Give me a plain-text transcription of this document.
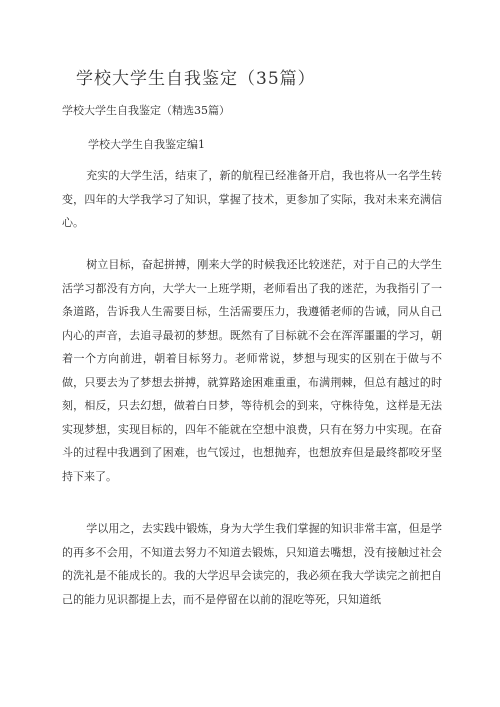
学校大学生自我鉴定（35篇）
学校大学生自我鉴定（精选35篇）
学校大学生自我鉴定编1

充实的大学生活，结束了，新的航程已经准备开启，我也将从一名学生转变，四年的大学我学习了知识，掌握了技术，更参加了实际，我对未来充满信心。

树立目标，奋起拼搏，刚来大学的时候我还比较迷茫，对于自己的大学生活学习都没有方向，大学大一上班学期，老师看出了我的迷茫，为我指引了一条道路，告诉我人生需要目标，生活需要压力，我遵循老师的告诫，同从自己内心的声音，去追寻最初的梦想。既然有了目标就不会在浑浑噩噩的学习，朝着一个方向前进，朝着目标努力。老师常说，梦想与现实的区别在于做与不做，只要去为了梦想去拼搏，就算路途困难重重，布满荆棘，但总有越过的时刻，相反，只去幻想，做着白日梦，等待机会的到来，守株待兔，这样是无法实现梦想，实现目标的，四年不能就在空想中浪费，只有在努力中实现。在奋斗的过程中我遇到了困难，也气馁过，也想抛弃，也想放弃但是最终都咬牙坚持下来了。

学以用之，去实践中锻炼，身为大学生我们掌握的知识非常丰富，但是学的再多不会用，不知道去努力不知道去锻炼，只知道去嘴想，没有接触过社会的洗礼是不能成长的。我的大学迟早会读完的，我必须在我大学读完之前把自己的能力见识都提上去，而不是停留在以前的混吃等死，只知道纸
